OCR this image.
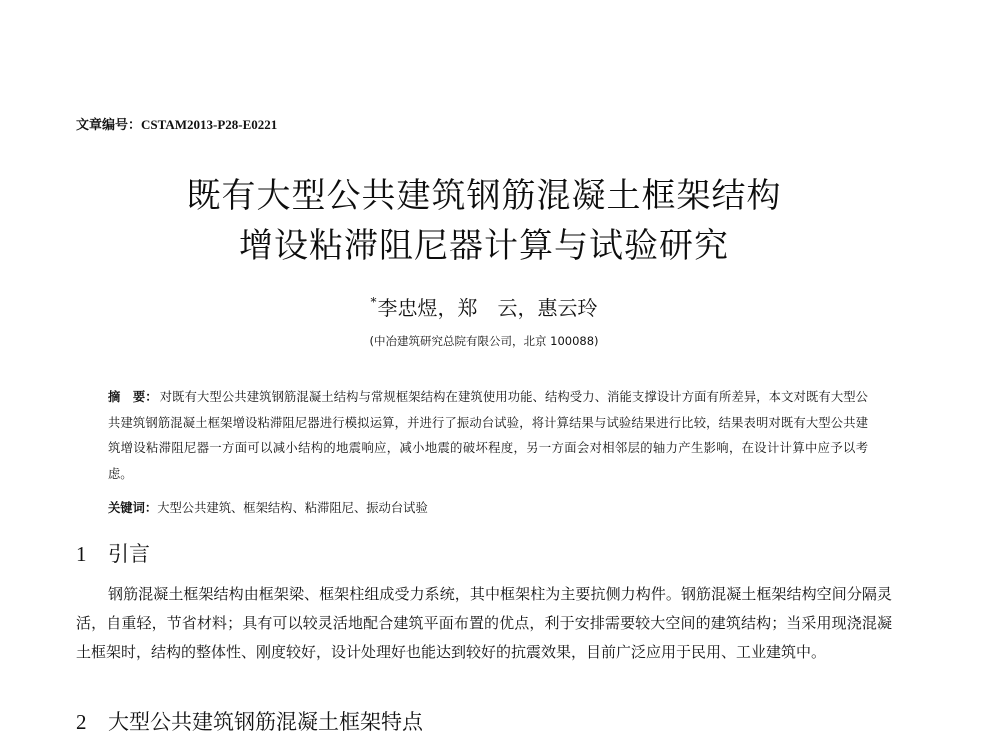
文章编号：CSTAM2013-P28-E0221
既有大型公共建筑钢筋混凝土框架结构
增设粘滞阻尼器计算与试验研究
*李忠煜，郑　云，惠云玲
(中冶建筑研究总院有限公司，北京 100088)
摘　要： 对既有大型公共建筑钢筋混凝土结构与常规框架结构在建筑使用功能、结构受力、消能支撑设计方面有所差异，本文对既有大型公共建筑钢筋混凝土框架增设粘滞阻尼器进行模拟运算，并进行了振动台试验，将计算结果与试验结果进行比较，结果表明对既有大型公共建筑增设粘滞阻尼器一方面可以减小结构的地震响应，减小地震的破坏程度，另一方面会对相邻层的轴力产生影响，在设计计算中应予以考虑。
关键词：大型公共建筑、框架结构、粘滞阻尼、振动台试验
1 引言
钢筋混凝土框架结构由框架梁、框架柱组成受力系统，其中框架柱为主要抗侧力构件。钢筋混凝土框架结构空间分隔灵活，自重轻，节省材料；具有可以较灵活地配合建筑平面布置的优点，利于安排需要较大空间的建筑结构；当采用现浇混凝土框架时，结构的整体性、刚度较好，设计处理好也能达到较好的抗震效果，目前广泛应用于民用、工业建筑中。
2 大型公共建筑钢筋混凝土框架特点
